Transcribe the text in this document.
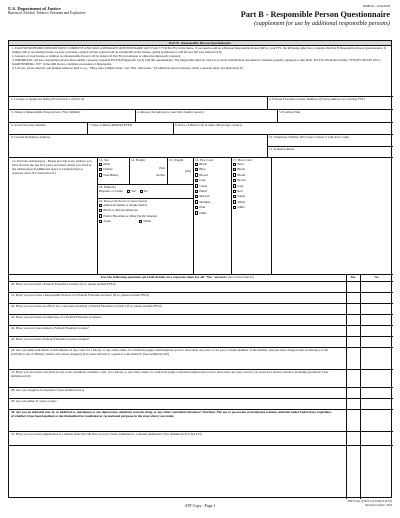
U.S. Department of Justice
Bureau of Alcohol, Tobacco, Firearms and Explosives
OMB No. 1140-0018
Part B - Responsible Person Questionnaire
(supplement for use by additional responsible persons)
Part B - Responsible Person Questionnaire

1. EACH RESPONSIBLE PERSON MUST COMPLETE AND SIGN A SEPARATE QUESTIONNAIRE (ATF Form 7/7CR Part B). In the future, if you need to add an additional Responsible Person (RP) to your FFL, the RP being added may complete this Part B Responsible Person Questionnaire. If adding a RP to an existing license, be sure to include a signed written request from an existing RP on the license, giving permission to add the new RP. (see instruction 8)

2. Issuance of your license or addition as a Responsible Person will be delayed if Part B is incomplete or otherwise improperly prepared.

3. IMPORTANT: All new responsible persons must submit a properly prepared FD-258 (Fingerprint Card) with this questionnaire. The fingerprints must be clear for accurate classification and taken by someone properly equipped to take them. The FD-258 should include "WVATF1100 ATF-FFLC, MARTINSBURG, WV" in the ORI block to facilitate processing of fingerprints.

4. List true, given, married, and maiden names in Item 4, e.g., "Mary Alice (Smith) Jones," not "Mrs. John Jones." (if additional space is needed, attach a separate sheet. See instruction 8.)

1. License or Applicant Name (From block 2 of Part A)	2. Federal Firearms License Number (If being added to an existing FFL)
3. Name of Responsible Person (Last, First, Middle)	4. Aliases (Include given, married, maiden names)	5. Position/Title
6. Social Security Number	7. Date of Birth (MM/DD/YYYY)	8. Place of Birth (City & State OR foreign country)
9. Current Residence Address	10. Telephone Number (Personal Contact # with Area Code)
11. E-mail Address
12. Previous Address(es) - Please provide every address you have lived in the last five years and dates which you lived at the address(es) (If additional space is needed attach a separate sheet See instruction 8.)
13. Sex
Male
Female
Non-Binary
14. Height
Feet
Inches
15. Weight
(lbs)
18. Ethnicity
Hispanic or Latino	Yes	No
19. Race (Check one or more boxes)
American Indian or Alaska Native
Black or African American
Native Hawaiian or Other Pacific Islander
Asian	White
16. Eye Color
Black
Blue
Brown
Gray
Green
Hazel
Maroon
Multiple
Pink
Other
17. Hair Color
Bald
Black
Blond
Brown
Gray
Red
Sandy
White
Other
For the following questions give full details on a separate sheet for all "Yes" answers (see instruction 8.)	Yes	No
20. Have you ever held a Federal Firearms License? (if so, please include FFL#)
21. Have you ever been a Responsible Person on a Federal Firearms License? (If so, please include FFL#)
22. Have you ever been an officer in a corporation holding a Federal Firearms License? (If so, please include FFL#)
23. Have you ever been an employee of a Federal Firearms Licensee?
24. Have you ever been denied a Federal Firearms License?
25. Have you ever had a Federal Firearms License revoked?
26. Are you under indictment or information in any court for a felony, or any other crime, for which the judge could imprison you for more than one year, or are you a current member of the military who has been charged with violation(s) of the Uniform Code of Military Justice and whose charge(s) have been referred to a general court-martial? (See definition #10)
27. Have you ever been convicted in any court, including a military court, for a felony, or any other crime, for which the judge could have imprisoned you for more than one year, even if you received a shorter sentence including probation? (See definition #10)
28. Are you a fugitive from justice? (See definition #11)
29. Are you under 21 years of age?
30. Are you an unlawful user of, or addicted to, marijuana or any depressant, stimulant, narcotic drug, or any other controlled substance? Warning: The use or possession of marijuana remains unlawful under Federal law regardless of whether it has been legalized or decriminalized for medicinal or recreational purposes in the state where you reside.
31. Have you ever been adjudicated as a mental defective OR have you ever been committed to a mental institution? (See definitions #12 and #13)
ATF Copy - Page 1
ATF Form 7(5310.12)/7CR(5310.16)
Revised October 2020
